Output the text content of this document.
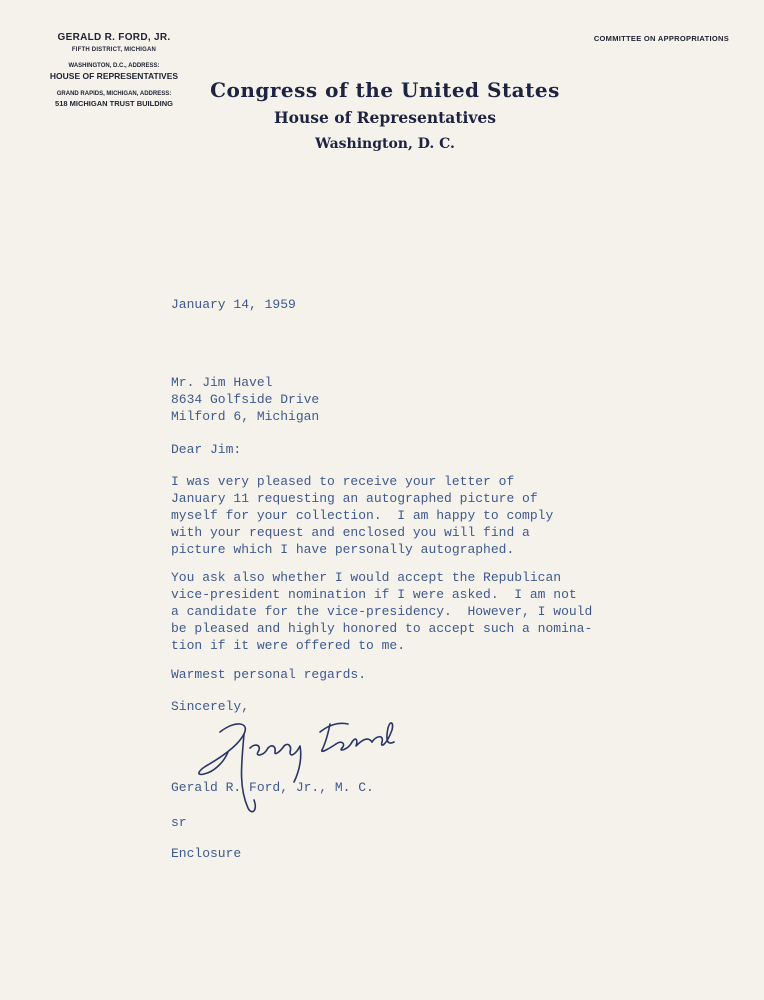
GERALD R. FORD, JR.
FIFTH DISTRICT, MICHIGAN
WASHINGTON, D.C., ADDRESS:
HOUSE OF REPRESENTATIVES
GRAND RAPIDS, MICHIGAN, ADDRESS:
518 MICHIGAN TRUST BUILDING
COMMITTEE ON APPROPRIATIONS
Congress of the United States
House of Representatives
Washington, D. C.
January 14, 1959
Mr. Jim Havel
8634 Golfside Drive
Milford 6, Michigan
Dear Jim:
I was very pleased to receive your letter of
January 11 requesting an autographed picture of
myself for your collection.  I am happy to comply
with your request and enclosed you will find a
picture which I have personally autographed.
You ask also whether I would accept the Republican
vice-president nomination if I were asked.  I am not
a candidate for the vice-presidency.  However, I would
be pleased and highly honored to accept such a nomina-
tion if it were offered to me.
Warmest personal regards.
Sincerely,
Gerald R. Ford, Jr., M. C.
sr
Enclosure
